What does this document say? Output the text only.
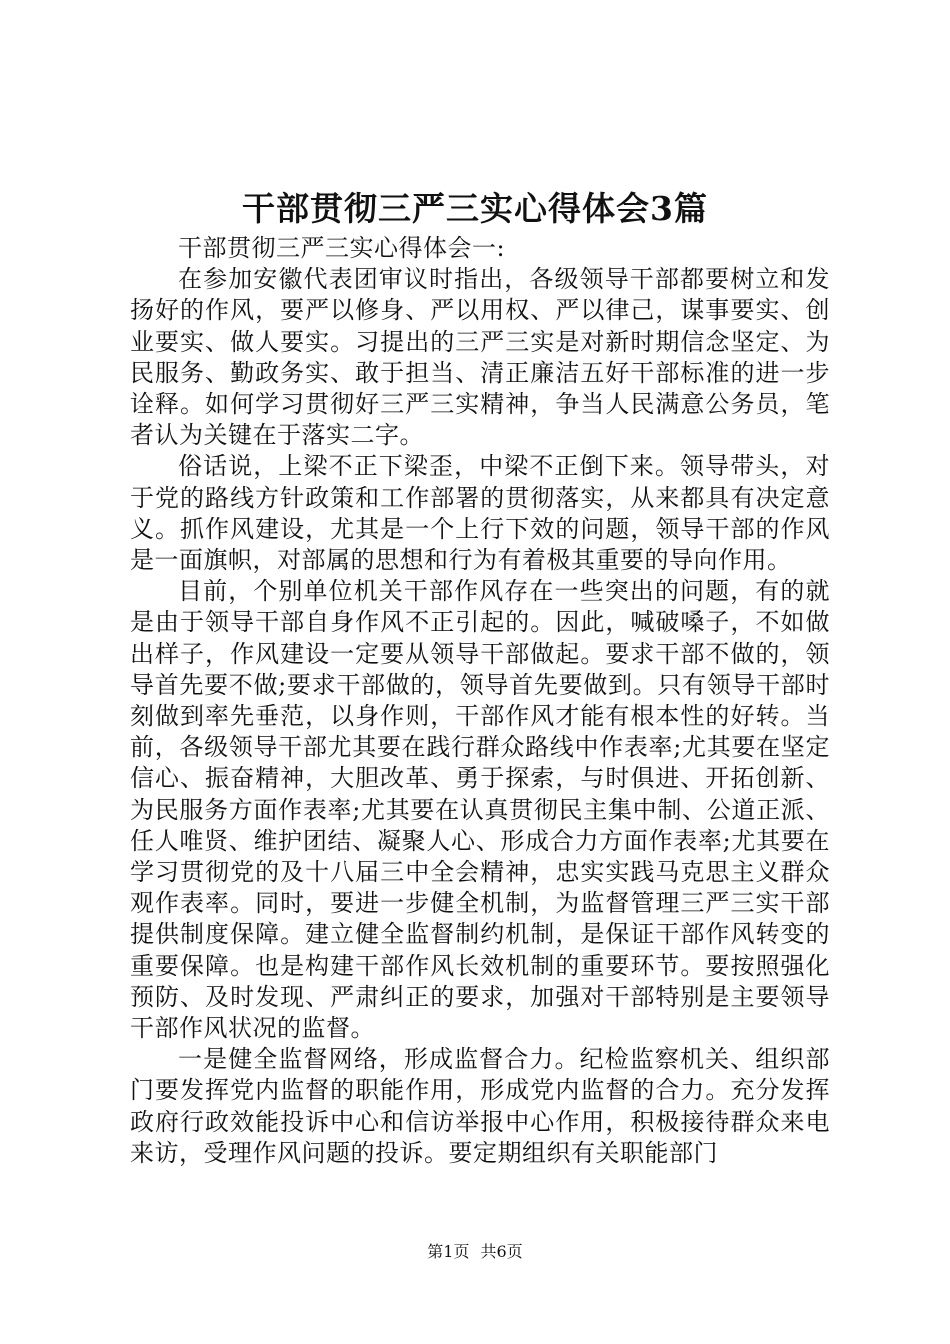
干部贯彻三严三实心得体会3篇

干部贯彻三严三实心得体会一:

在参加安徽代表团审议时指出，各级领导干部都要树立和发扬好的作风，要严以修身、严以用权、严以律己，谋事要实、创业要实、做人要实。习提出的三严三实是对新时期信念坚定、为民服务、勤政务实、敢于担当、清正廉洁五好干部标准的进一步诠释。如何学习贯彻好三严三实精神，争当人民满意公务员，笔者认为关键在于落实二字。

俗话说，上梁不正下梁歪，中梁不正倒下来。领导带头，对于党的路线方针政策和工作部署的贯彻落实，从来都具有决定意义。抓作风建设，尤其是一个上行下效的问题，领导干部的作风是一面旗帜，对部属的思想和行为有着极其重要的导向作用。

目前，个别单位机关干部作风存在一些突出的问题，有的就是由于领导干部自身作风不正引起的。因此，喊破嗓子，不如做出样子，作风建设一定要从领导干部做起。要求干部不做的，领导首先要不做;要求干部做的，领导首先要做到。只有领导干部时刻做到率先垂范，以身作则，干部作风才能有根本性的好转。当前，各级领导干部尤其要在践行群众路线中作表率;尤其要在坚定信心、振奋精神，大胆改革、勇于探索，与时俱进、开拓创新、为民服务方面作表率;尤其要在认真贯彻民主集中制、公道正派、任人唯贤、维护团结、凝聚人心、形成合力方面作表率;尤其要在学习贯彻党的及十八届三中全会精神，忠实实践马克思主义群众观作表率。同时，要进一步健全机制，为监督管理三严三实干部提供制度保障。建立健全监督制约机制，是保证干部作风转变的重要保障。也是构建干部作风长效机制的重要环节。要按照强化预防、及时发现、严肃纠正的要求，加强对干部特别是主要领导干部作风状况的监督。

一是健全监督网络，形成监督合力。纪检监察机关、组织部门要发挥党内监督的职能作用，形成党内监督的合力。充分发挥政府行政效能投诉中心和信访举报中心作用，积极接待群众来电来访，受理作风问题的投诉。要定期组织有关职能部门

第1页 共6页
